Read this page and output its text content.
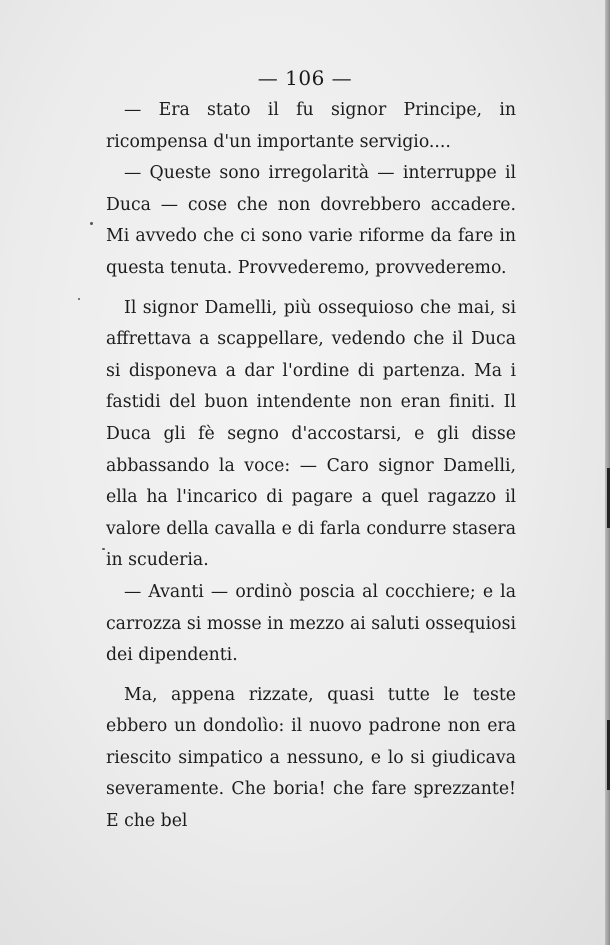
— 106 —

— Era stato il fu signor Principe, in ricompensa d'un importante servigio....

— Queste sono irregolarità — interruppe il Duca — cose che non dovrebbero accadere. Mi avvedo che ci sono varie riforme da fare in questa tenuta. Provvederemo, provvederemo.

Il signor Damelli, più ossequioso che mai, si affrettava a scappellare, vedendo che il Duca si disponeva a dar l'ordine di partenza. Ma i fastidi del buon intendente non eran finiti. Il Duca gli fè segno d'accostarsi, e gli disse abbassando la voce: — Caro signor Damelli, ella ha l'incarico di pagare a quel ragazzo il valore della cavalla e di farla condurre stasera in scuderia.

— Avanti — ordinò poscia al cocchiere; e la carrozza si mosse in mezzo ai saluti ossequiosi dei dipendenti.

Ma, appena rizzate, quasi tutte le teste ebbero un dondolìo: il nuovo padrone non era riescito simpatico a nessuno, e lo si giudicava severamente. Che boria! che fare sprezzante! E che bel
